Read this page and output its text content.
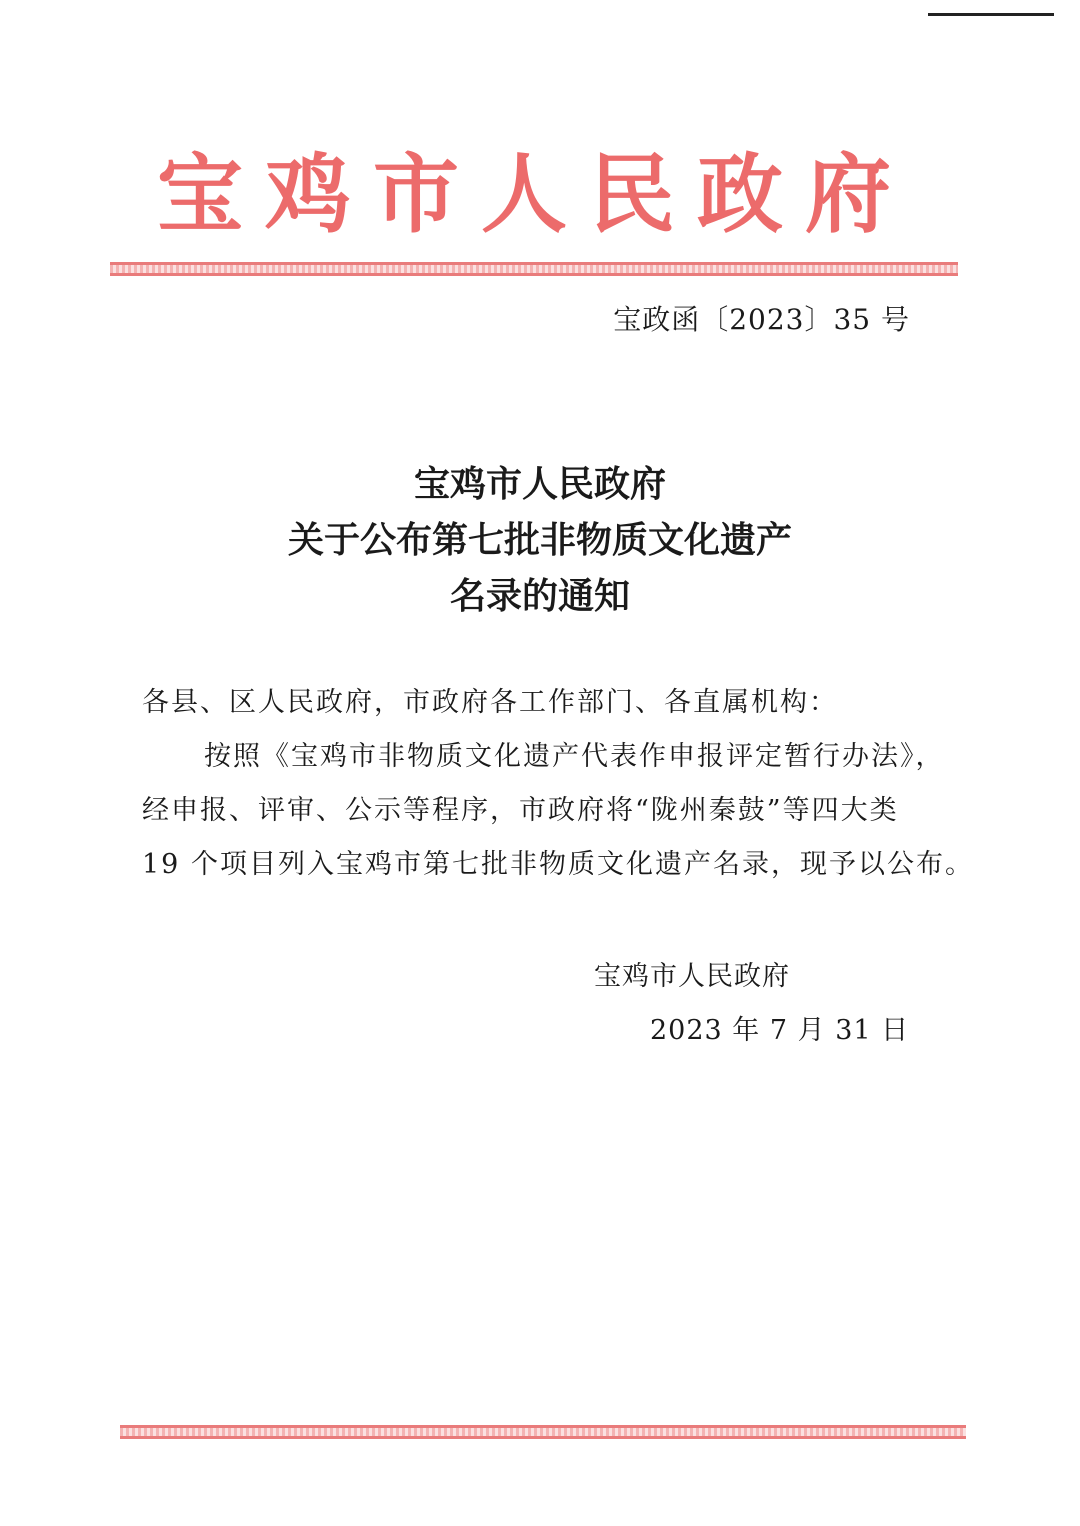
宝鸡市人民政府
宝政函〔2023〕35 号
宝鸡市人民政府
关于公布第七批非物质文化遗产
名录的通知
各县、区人民政府，市政府各工作部门、各直属机构：
按照《宝鸡市非物质文化遗产代表作申报评定暂行办法》，
经申报、评审、公示等程序，市政府将“陇州秦鼓”等四大类
19 个项目列入宝鸡市第七批非物质文化遗产名录，现予以公布。
宝鸡市人民政府
2023 年 7 月 31 日
